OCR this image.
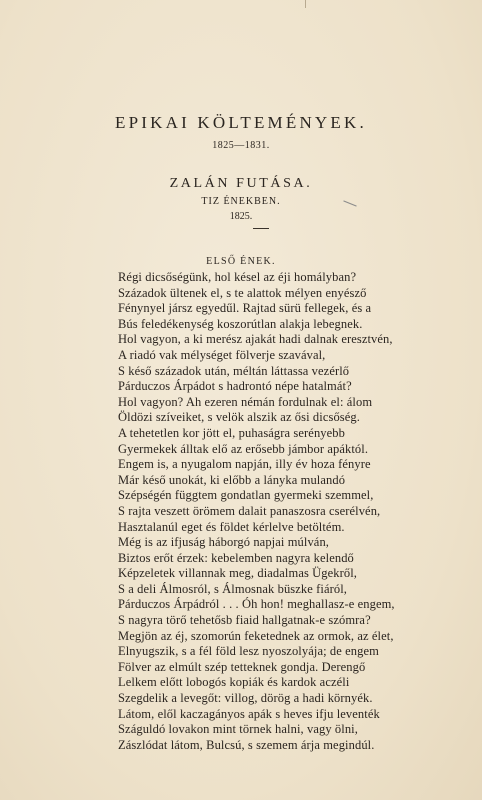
EPIKAI KÖLTEMÉNYEK.
1825—1831.
ZALÁN FUTÁSA.
TIZ ÉNEKBEN.
1825.
ELSŐ ÉNEK.
Régi dicsőségünk, hol késel az éji homályban?
Századok ültenek el, s te alattok mélyen enyésző
Fénynyel jársz egyedűl. Rajtad sürü fellegek, és a
Bús feledékenység koszorútlan alakja lebegnek.
Hol vagyon, a ki merész ajakát hadi dalnak eresztvén,
A riadó vak mélységet fölverje szavával,
S késő századok után, méltán láttassa vezérlő
Párduczos Árpádot s hadrontó népe hatalmát?
Hol vagyon? Ah ezeren némán fordulnak el: álom
Öldözi szíveiket, s velök alszik az ősi dicsőség.
A tehetetlen kor jött el, puhaságra serényebb
Gyermekek álltak elő az erősebb jámbor apáktól.
Engem is, a nyugalom napján, illy év hoza fényre
Már késő unokát, ki előbb a lányka mulandó
Szépségén függtem gondatlan gyermeki szemmel,
S rajta veszett örömem dalait panaszosra cserélvén,
Hasztalanúl eget és földet kérlelve betöltém.
Még is az ifjuság háborgó napjai múlván,
Biztos erőt érzek: kebelemben nagyra kelendő
Képzeletek villannak meg, diadalmas Ügekről,
S a deli Álmosról, s Álmosnak büszke fiáról,
Párduczos Árpádról . . . Óh hon! meghallasz-e engem,
S nagyra törő tehetősb fiaid hallgatnak-e szómra?
Megjön az éj, szomorún feketednek az ormok, az élet,
Elnyugszik, s a fél föld lesz nyoszolyája; de engem
Fölver az elmúlt szép tetteknek gondja. Derengő
Lelkem előtt lobogós kopiák és kardok aczéli
Szegdelik a levegőt: villog, dörög a hadi környék.
Látom, elől kaczagányos apák s heves ifju leventék
Száguldó lovakon mint törnek halni, vagy ölni,
Zászlódat látom, Bulcsú, s szemem árja megindúl.
